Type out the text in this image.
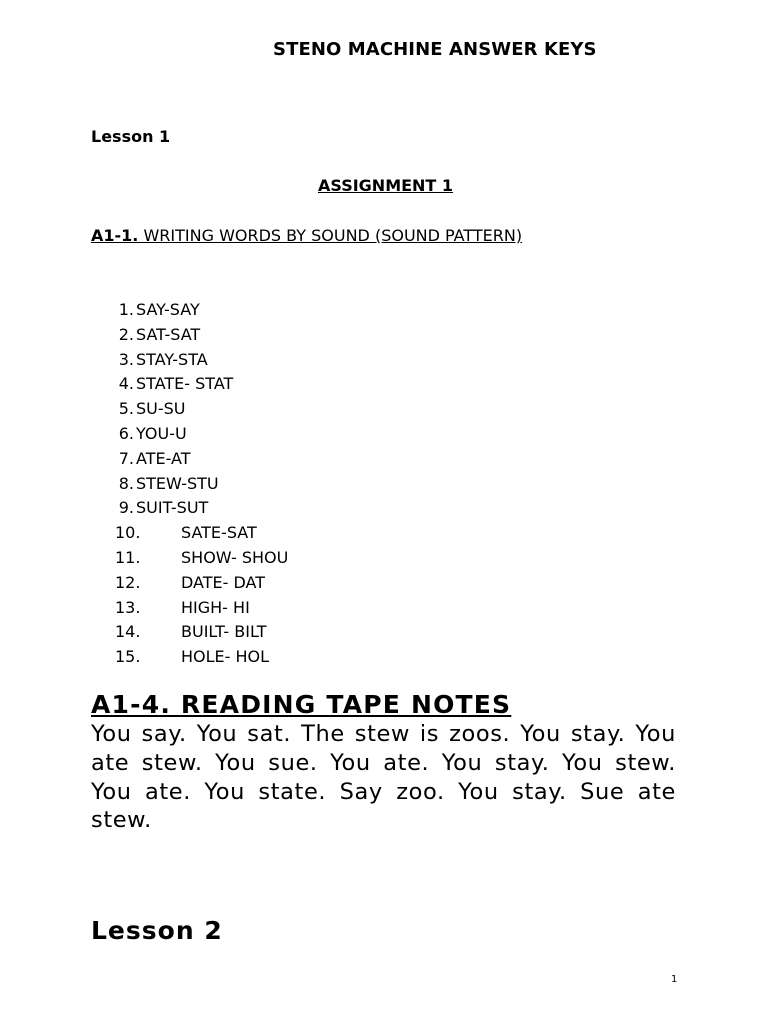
STENO MACHINE ANSWER KEYS
Lesson 1
ASSIGNMENT 1
A1-1. WRITING WORDS BY SOUND (SOUND PATTERN)
1. SAY-SAY
2. SAT-SAT
3. STAY-STA
4. STATE- STAT
5. SU-SU
6. YOU-U
7. ATE-AT
8. STEW-STU
9. SUIT-SUT
10.	SATE-SAT
11.	SHOW- SHOU
12.	DATE- DAT
13.	HIGH- HI
14.	BUILT- BILT
15.	HOLE- HOL
A1-4. READING TAPE NOTES
You say. You sat. The stew is zoos. You stay. You ate stew. You sue. You ate. You stay. You stew. You ate. You state. Say zoo. You stay. Sue ate stew.
Lesson 2
1
